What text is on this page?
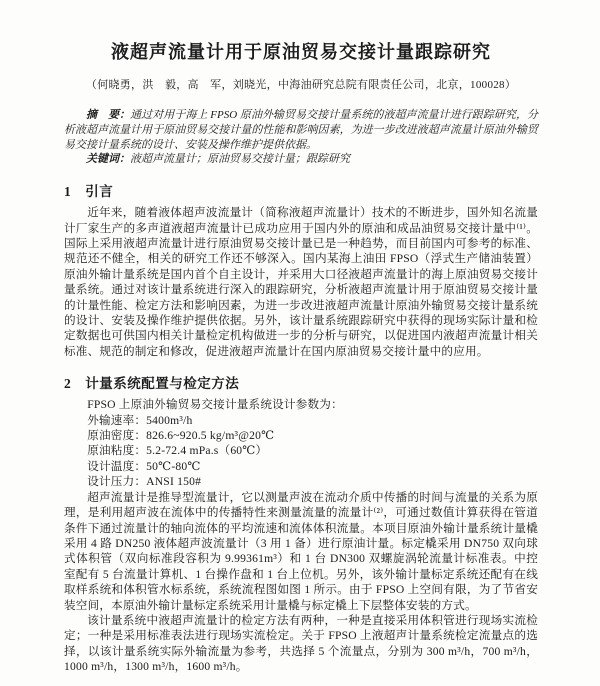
液超声流量计用于原油贸易交接计量跟踪研究
（何晓勇，洪　毅，高　军，刘晓光，中海油研究总院有限责任公司，北京，100028）

摘　要：通过对用于海上 FPSO 原油外输贸易交接计量系统的液超声流量计进行跟踪研究，分析液超声流量计用于原油贸易交接计量的性能和影响因素，为进一步改进液超声流量计原油外输贸易交接计量系统的设计、安装及操作维护提供依据。

关键词：液超声流量计；原油贸易交接计量；跟踪研究

1 引言

近年来，随着液体超声波流量计（简称液超声流量计）技术的不断进步，国外知名流量计厂家生产的多声道液超声流量计已成功应用于国内外的原油和成品油贸易交接计量中⁽¹⁾。国际上采用液超声流量计进行原油贸易交接计量已是一种趋势，而目前国内可参考的标准、规范还不健全，相关的研究工作还不够深入。国内某海上油田 FPSO（浮式生产储油装置）原油外输计量系统是国内首个自主设计，并采用大口径液超声流量计的海上原油贸易交接计量系统。通过对该计量系统进行深入的跟踪研究，分析液超声流量计用于原油贸易交接计量的计量性能、检定方法和影响因素，为进一步改进液超声流量计原油外输贸易交接计量系统的设计、安装及操作维护提供依据。另外，该计量系统跟踪研究中获得的现场实际计量和检定数据也可供国内相关计量检定机构做进一步的分析与研究，以促进国内液超声流量计相关标准、规范的制定和修改，促进液超声流量计在国内原油贸易交接计量中的应用。

2 计量系统配置与检定方法
FPSO 上原油外输贸易交接计量系统设计参数为：
外输速率：5400m³/h
原油密度：826.6~920.5 kg/m³@20℃
原油粘度：5.2-72.4 mPa.s（60℃）
设计温度：50℃-80℃
设计压力：ANSI 150#

超声流量计是推导型流量计，它以测量声波在流动介质中传播的时间与流量的关系为原理，是利用超声波在流体中的传播特性来测量流量的流量计⁽²⁾，可通过数值计算获得在管道条件下通过流量计的轴向流体的平均流速和流体体积流量。本项目原油外输计量系统计量橇采用 4 路 DN250 液体超声波流量计（3 用 1 备）进行原油计量。标定橇采用 DN750 双向球式体积管（双向标准段容积为 9.99361m³）和 1 台 DN300 双螺旋涡轮流量计标准表。中控室配有 5 台流量计算机、1 台操作盘和 1 台上位机。另外，该外输计量标定系统还配有在线取样系统和体积管水标系统，系统流程图如图 1 所示。由于 FPSO 上空间有限，为了节省安装空间，本原油外输计量标定系统采用计量橇与标定橇上下层整体安装的方式。

该计量系统中液超声流量计的检定方法有两种，一种是直接采用体积管进行现场实流检定；一种是采用标准表法进行现场实流检定。关于 FPSO 上液超声计量系统检定流量点的选择，以该计量系统实际外输流量为参考，共选择 5 个流量点，分别为 300 m³/h，700 m³/h，1000 m³/h，1300 m³/h，1600 m³/h。
